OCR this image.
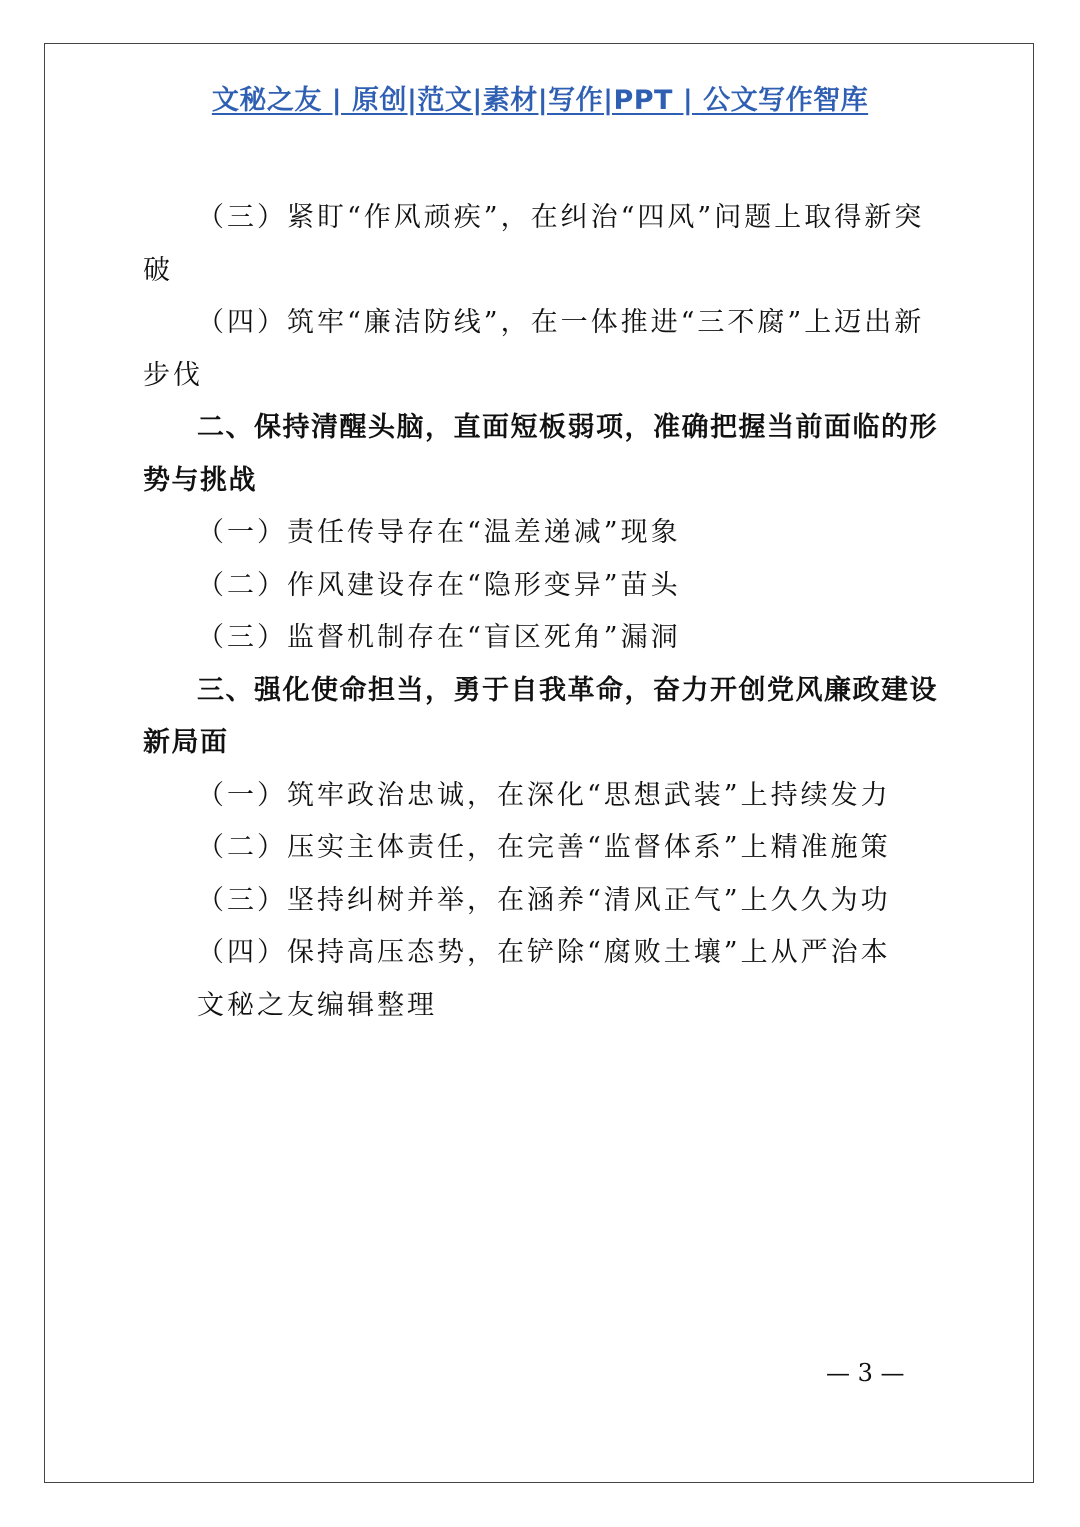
文秘之友 | 原创|范文|素材|写作|PPT | 公文写作智库

（三）紧盯“作风顽疾”，在纠治“四风”问题上取得新突破

（四）筑牢“廉洁防线”，在一体推进“三不腐”上迈出新步伐

二、保持清醒头脑，直面短板弱项，准确把握当前面临的形势与挑战

（一）责任传导存在“温差递减”现象

（二）作风建设存在“隐形变异”苗头

（三）监督机制存在“盲区死角”漏洞

三、强化使命担当，勇于自我革命，奋力开创党风廉政建设新局面

（一）筑牢政治忠诚，在深化“思想武装”上持续发力

（二）压实主体责任，在完善“监督体系”上精准施策

（三）坚持纠树并举，在涵养“清风正气”上久久为功

（四）保持高压态势，在铲除“腐败土壤”上从严治本

文秘之友编辑整理

— 3 —
